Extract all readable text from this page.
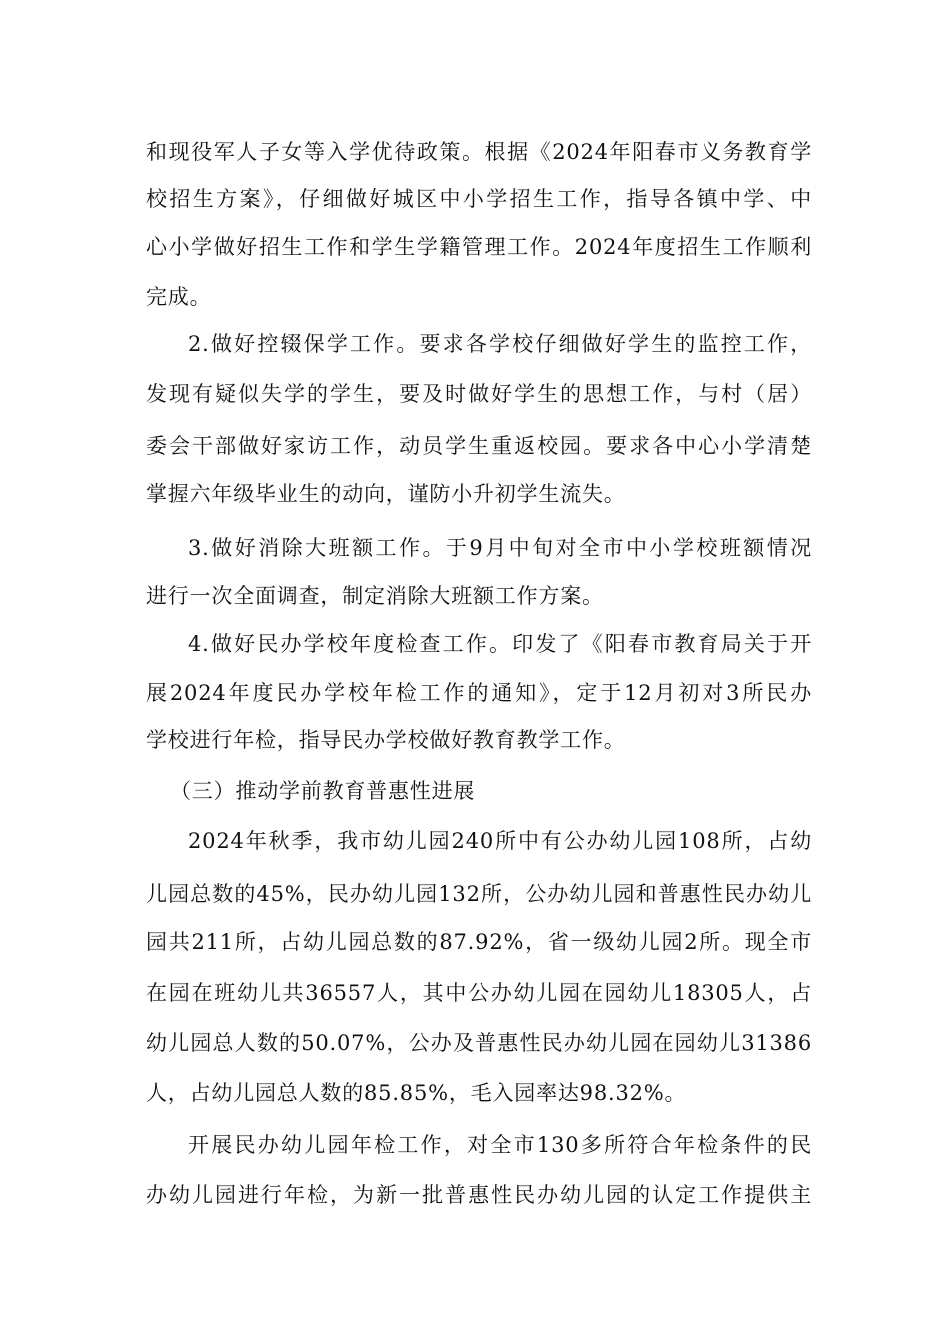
和现役军人子女等入学优待政策。根据《2024年阳春市义务教育学
校招生方案》，仔细做好城区中小学招生工作，指导各镇中学、中
心小学做好招生工作和学生学籍管理工作。2024年度招生工作顺利
完成。
2.做好控辍保学工作。要求各学校仔细做好学生的监控工作，
发现有疑似失学的学生，要及时做好学生的思想工作，与村（居）
委会干部做好家访工作，动员学生重返校园。要求各中心小学清楚
掌握六年级毕业生的动向，谨防小升初学生流失。
3.做好消除大班额工作。于9月中旬对全市中小学校班额情况
进行一次全面调查，制定消除大班额工作方案。
4.做好民办学校年度检查工作。印发了《阳春市教育局关于开
展2024年度民办学校年检工作的通知》，定于12月初对3所民办
学校进行年检，指导民办学校做好教育教学工作。
（三）推动学前教育普惠性进展
2024年秋季，我市幼儿园240所中有公办幼儿园108所，占幼
儿园总数的45%，民办幼儿园132所，公办幼儿园和普惠性民办幼儿
园共211所，占幼儿园总数的87.92%，省一级幼儿园2所。现全市
在园在班幼儿共36557人，其中公办幼儿园在园幼儿18305人，占
幼儿园总人数的50.07%，公办及普惠性民办幼儿园在园幼儿31386
人，占幼儿园总人数的85.85%，毛入园率达98.32%。
开展民办幼儿园年检工作，对全市130多所符合年检条件的民
办幼儿园进行年检，为新一批普惠性民办幼儿园的认定工作提供主
